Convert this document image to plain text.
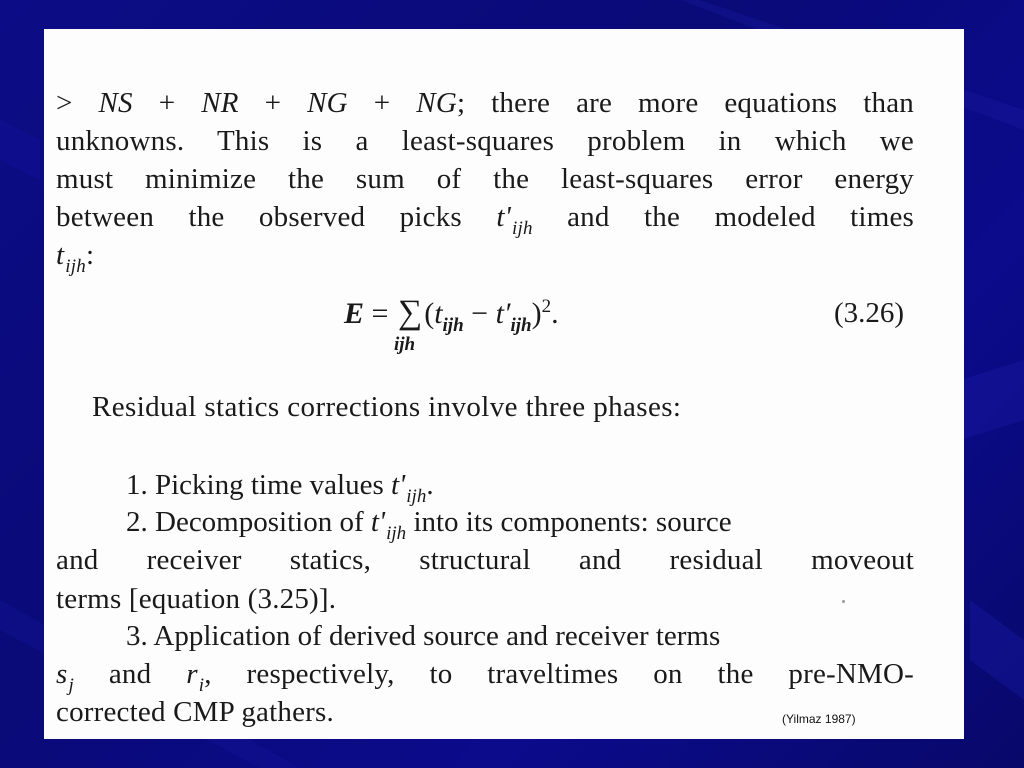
> NS + NR + NG + NG; there are more equations than
unknowns. This is a least-squares problem in which we
must minimize the sum of the least-squares error energy
between the observed picks $t'_{ijh}$ and the modeled times
$t_{ijh}$:
E = ∑
ijh
$(t_{ijh} - t'_{ijh})^2$.	(3.26)
Residual statics corrections involve three phases:
1. Picking time values $t'_{ijh}$.
2. Decomposition of $t'_{ijh}$ into its components: source
and receiver statics, structural and residual moveout
terms [equation (3.25)].
3. Application of derived source and receiver terms
$s_j$ and $r_i$, respectively, to traveltimes on the pre-NMO-
corrected CMP gathers.	(Yilmaz 1987)
